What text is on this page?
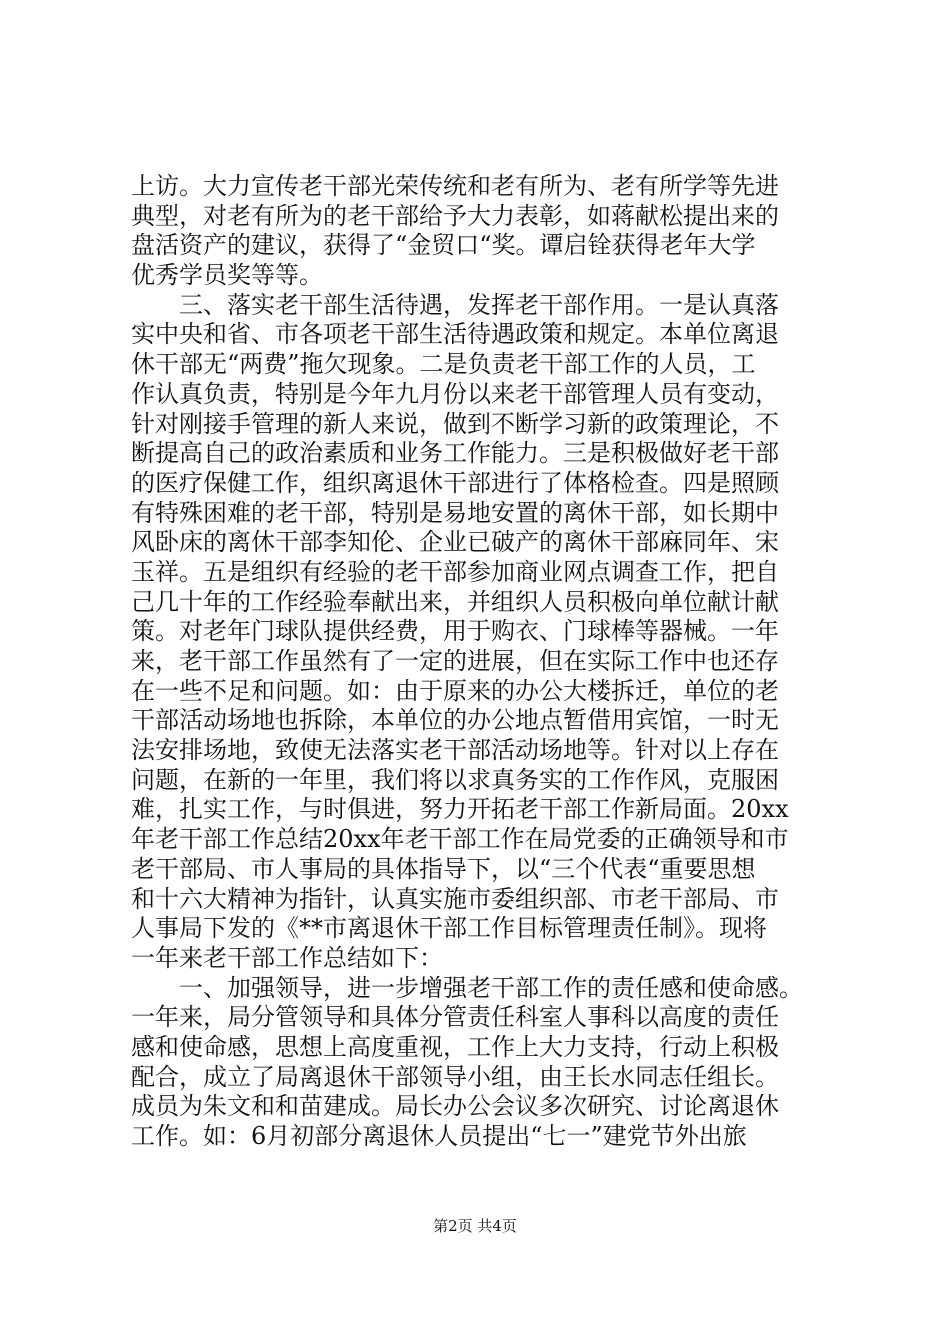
上访。大力宣传老干部光荣传统和老有所为、老有所学等先进
典型，对老有所为的老干部给予大力表彰，如蒋献松提出来的
盘活资产的建议，获得了“金贸口“奖。谭启铨获得老年大学
优秀学员奖等等。
　　三、落实老干部生活待遇，发挥老干部作用。一是认真落
实中央和省、市各项老干部生活待遇政策和规定。本单位离退
休干部无“两费”拖欠现象。二是负责老干部工作的人员，工
作认真负责，特别是今年九月份以来老干部管理人员有变动，
针对刚接手管理的新人来说，做到不断学习新的政策理论，不
断提高自己的政治素质和业务工作能力。三是积极做好老干部
的医疗保健工作，组织离退休干部进行了体格检查。四是照顾
有特殊困难的老干部，特别是易地安置的离休干部，如长期中
风卧床的离休干部李知伦、企业已破产的离休干部麻同年、宋
玉祥。五是组织有经验的老干部参加商业网点调查工作，把自
己几十年的工作经验奉献出来，并组织人员积极向单位献计献
策。对老年门球队提供经费，用于购衣、门球棒等器械。一年
来，老干部工作虽然有了一定的进展，但在实际工作中也还存
在一些不足和问题。如：由于原来的办公大楼拆迁，单位的老
干部活动场地也拆除，本单位的办公地点暂借用宾馆，一时无
法安排场地，致使无法落实老干部活动场地等。针对以上存在
问题，在新的一年里，我们将以求真务实的工作作风，克服困
难，扎实工作，与时俱进，努力开拓老干部工作新局面。20xx
年老干部工作总结20xx年老干部工作在局党委的正确领导和市
老干部局、市人事局的具体指导下，以“三个代表“重要思想
和十六大精神为指针，认真实施市委组织部、市老干部局、市
人事局下发的《**市离退休干部工作目标管理责任制》。现将
一年来老干部工作总结如下：
　　一、加强领导，进一步增强老干部工作的责任感和使命感。
一年来，局分管领导和具体分管责任科室人事科以高度的责任
感和使命感，思想上高度重视，工作上大力支持，行动上积极
配合，成立了局离退休干部领导小组，由王长水同志任组长。
成员为朱文和和苗建成。局长办公会议多次研究、讨论离退休
工作。如：6月初部分离退休人员提出“七一”建党节外出旅
第2页 共4页
